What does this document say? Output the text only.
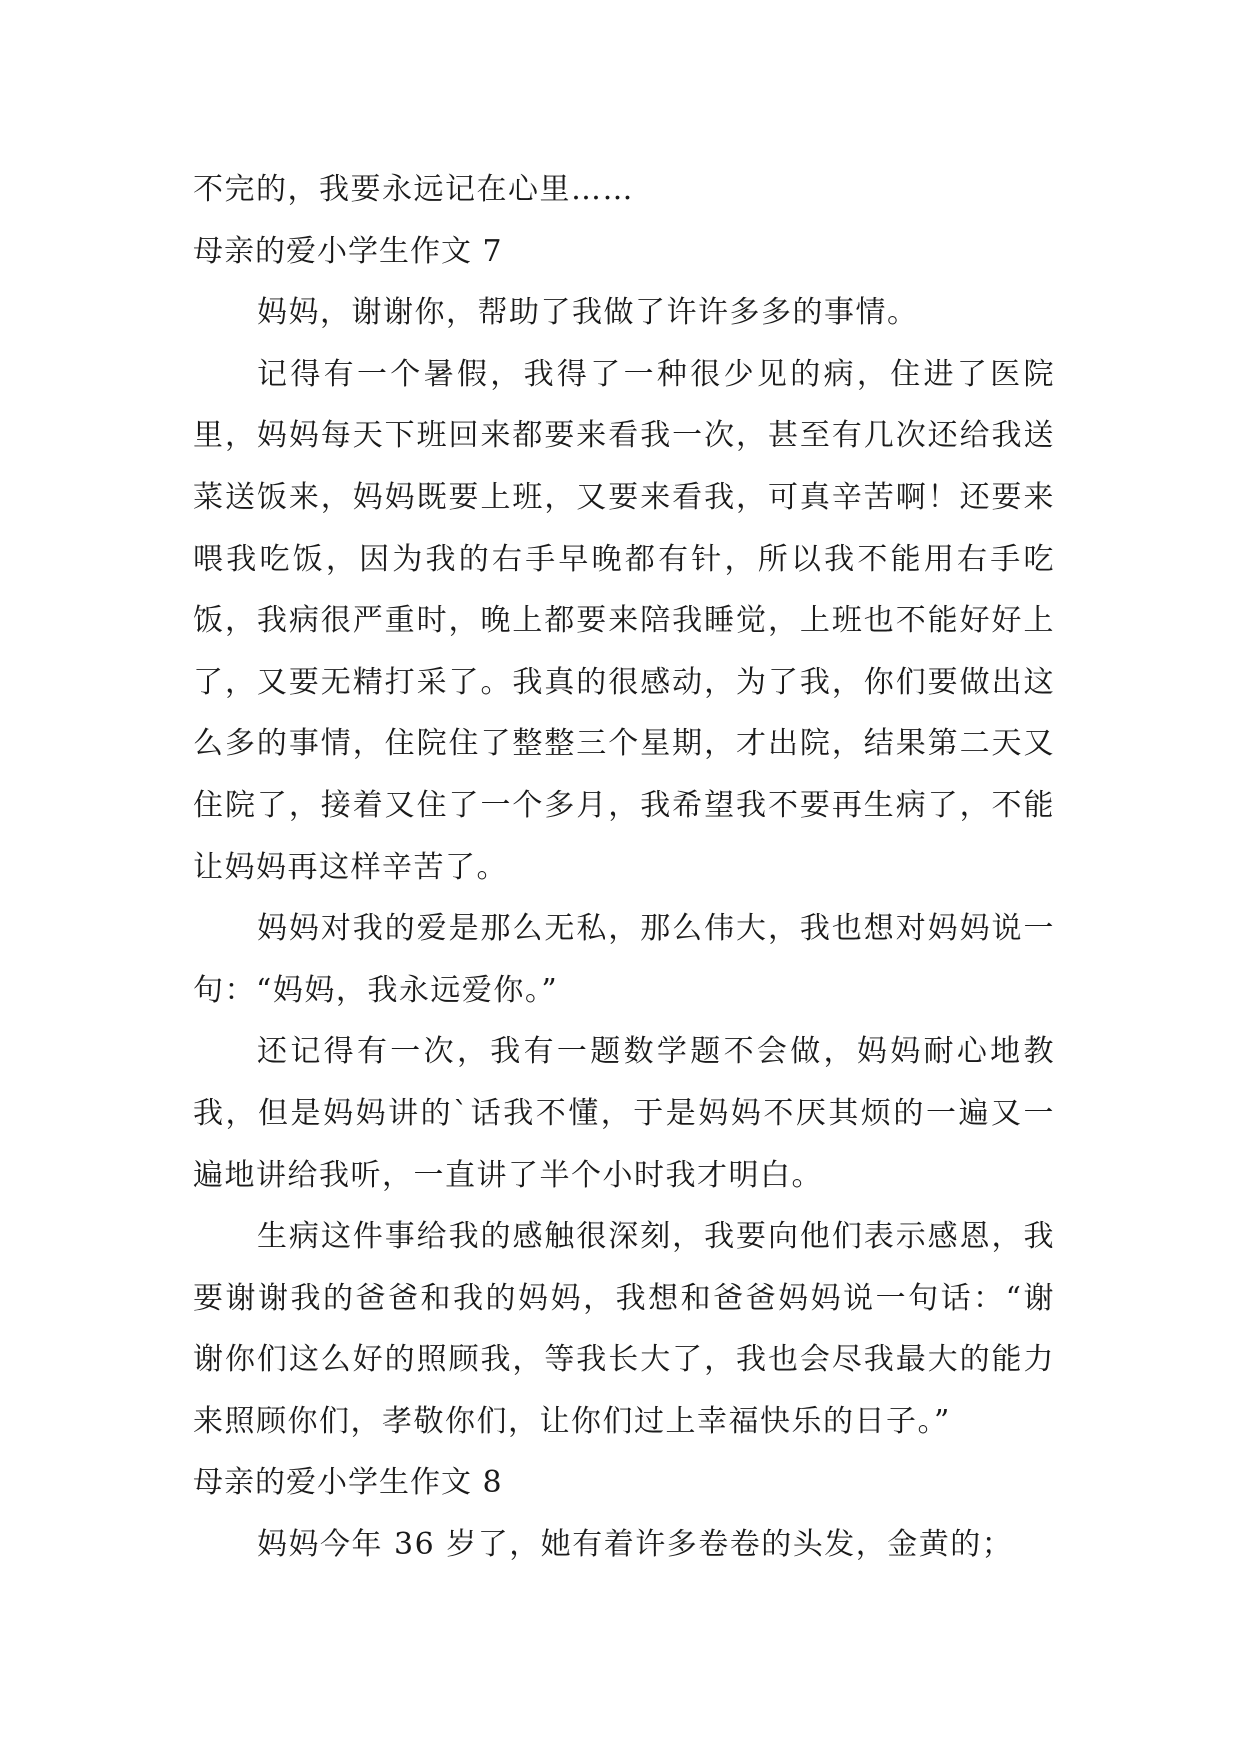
不完的，我要永远记在心里……

母亲的爱小学生作文 7

妈妈，谢谢你，帮助了我做了许许多多的事情。

记得有一个暑假，我得了一种很少见的病，住进了医院里，妈妈每天下班回来都要来看我一次，甚至有几次还给我送菜送饭来，妈妈既要上班，又要来看我，可真辛苦啊！还要来喂我吃饭，因为我的右手早晚都有针，所以我不能用右手吃饭，我病很严重时，晚上都要来陪我睡觉，上班也不能好好上了，又要无精打采了。我真的很感动，为了我，你们要做出这么多的事情，住院住了整整三个星期，才出院，结果第二天又住院了，接着又住了一个多月，我希望我不要再生病了，不能让妈妈再这样辛苦了。

妈妈对我的爱是那么无私，那么伟大，我也想对妈妈说一句：“妈妈，我永远爱你。”

还记得有一次，我有一题数学题不会做，妈妈耐心地教我，但是妈妈讲的`话我不懂，于是妈妈不厌其烦的一遍又一遍地讲给我听，一直讲了半个小时我才明白。

生病这件事给我的感触很深刻，我要向他们表示感恩，我要谢谢我的爸爸和我的妈妈，我想和爸爸妈妈说一句话：“谢谢你们这么好的照顾我，等我长大了，我也会尽我最大的能力来照顾你们，孝敬你们，让你们过上幸福快乐的日子。”

母亲的爱小学生作文 8

妈妈今年 36 岁了，她有着许多卷卷的头发，金黄的；
